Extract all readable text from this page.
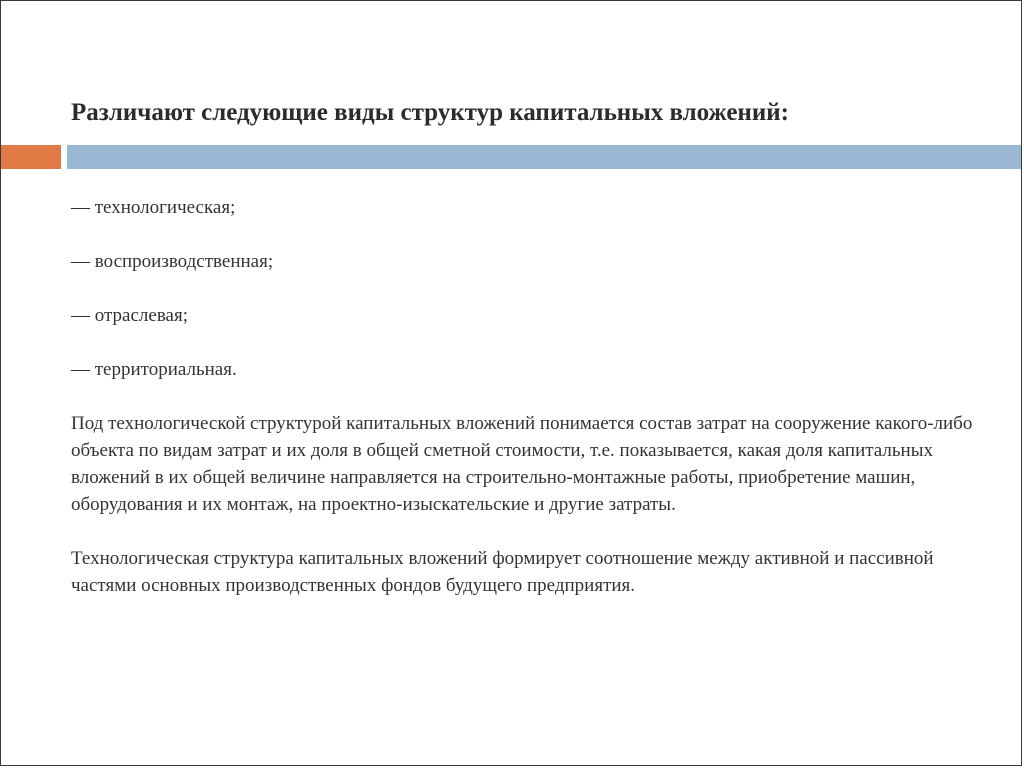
Различают следующие виды структур капитальных вложений:
— технологическая;
— воспроизводственная;
— отраслевая;
— территориальная.
Под технологической структурой капитальных вложений понимается состав затрат на сооружение какого-либо объекта по видам затрат и их доля в общей сметной стоимости, т.е. показывается, какая доля капитальных вложений в их общей величине направляется на строительно-монтажные работы, приобретение машин, оборудования и их монтаж, на проектно-изыскательские и другие затраты.
Технологическая структура капитальных вложений формирует соотношение между активной и пассивной частями основных производственных фондов будущего предприятия.
